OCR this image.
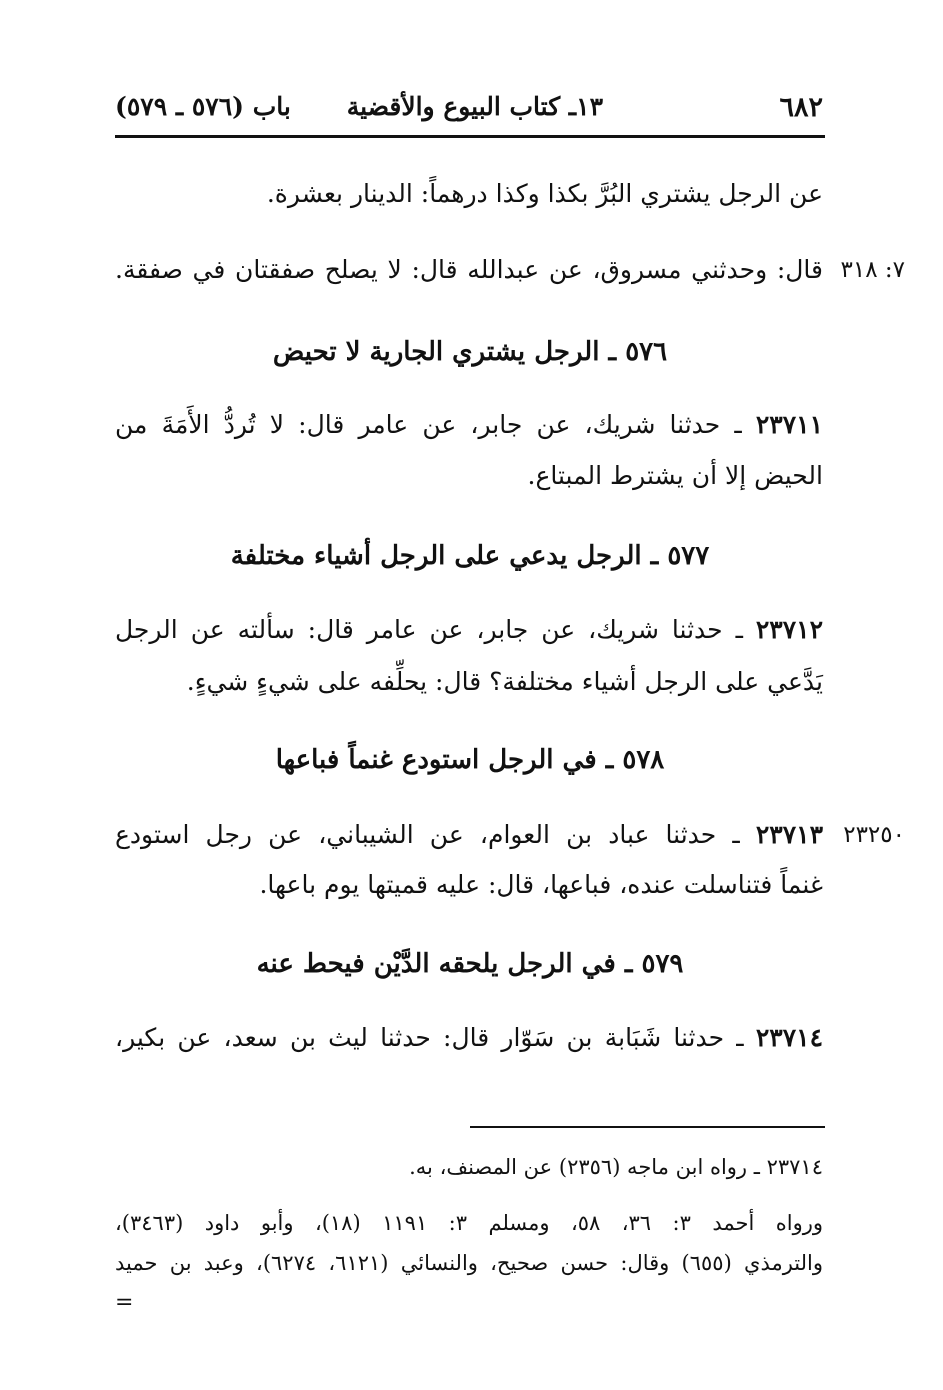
٦٨٢
١٣ـ كتاب البيوع والأقضية
باب (٥٧٦ ـ ٥٧٩)
عن الرجل يشتري البُرَّ بكذا وكذا درهماً: الدينار بعشرة.
٧: ٣١٨
قال: وحدثني مسروق، عن عبدالله قال: لا يصلح صفقتان في صفقة.
٥٧٦ ـ الرجل يشتري الجارية لا تحيض
٢٣٧١١ ـ حدثنا شريك، عن جابر، عن عامر قال: لا تُردُّ الأَمَةَ من
الحيض إلا أن يشترط المبتاع.
٥٧٧ ـ الرجل يدعي على الرجل أشياء مختلفة
٢٣٧١٢ ـ حدثنا شريك، عن جابر، عن عامر قال: سألته عن الرجل
يَدَّعي على الرجل أشياء مختلفة؟ قال: يحلِّفه على شيءٍ شيءٍ.
٥٧٨ ـ في الرجل استودع غنماً فباعها
٢٣٢٥٠
٢٣٧١٣ ـ حدثنا عباد بن العوام، عن الشيباني، عن رجل استودع
غنماً فتناسلت عنده، فباعها، قال: عليه قميتها يوم باعها.
٥٧٩ ـ في الرجل يلحقه الدَّيْن فيحط عنه
٢٣٧١٤ ـ حدثنا شَبَابة بن سَوّار قال: حدثنا ليث بن سعد، عن بكير،
٢٣٧١٤ ـ رواه ابن ماجه (٢٣٥٦) عن المصنف، به.
ورواه أحمد ٣: ٣٦، ٥٨، ومسلم ٣: ١١٩١ (١٨)، وأبو داود (٣٤٦٣)،
والترمذي (٦٥٥) وقال: حسن صحيح، والنسائي (٦١٢١، ٦٢٧٤)، وعبد بن حميد
=
